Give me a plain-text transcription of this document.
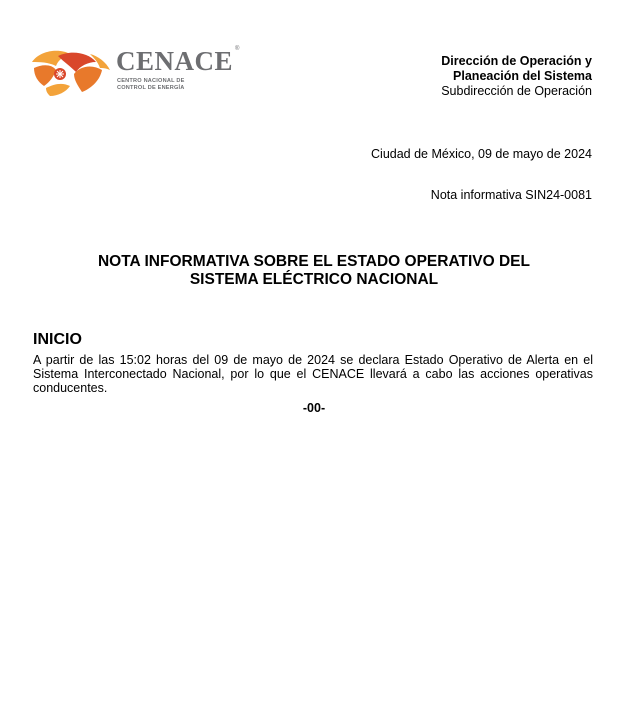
CENACE ®
CENTRO NACIONAL DE
CONTROL DE ENERGÍA
Dirección de Operación y
Planeación del Sistema
Subdirección de Operación
Ciudad de México, 09 de mayo de 2024
Nota informativa SIN24-0081
NOTA INFORMATIVA SOBRE EL ESTADO OPERATIVO DEL
SISTEMA ELÉCTRICO NACIONAL
INICIO
A partir de las 15:02 horas del 09 de mayo de 2024 se declara Estado Operativo de Alerta en el
Sistema Interconectado Nacional, por lo que el CENACE llevará a cabo las acciones operativas
conducentes.
-00-
